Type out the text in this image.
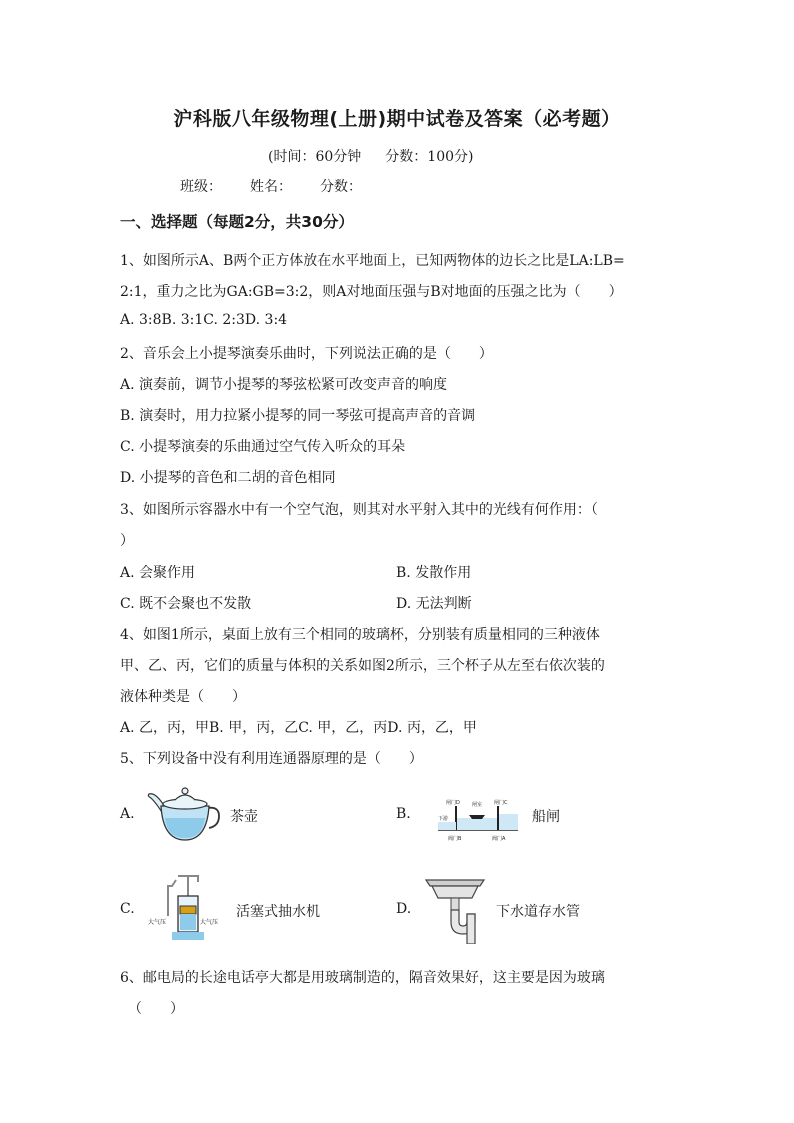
沪科版八年级物理(上册)期中试卷及答案（必考题）
(时间：60分钟 分数：100分)
班级： 姓名： 分数：
一、选择题（每题2分，共30分）
1、如图所示A、B两个正方体放在水平地面上，已知两物体的边长之比是LA:LB=
2:1，重力之比为GA:GB=3:2，则A对地面压强与B对地面的压强之比为（　　）
A. 3:8B. 3:1C. 2:3D. 3:4
2、音乐会上小提琴演奏乐曲时，下列说法正确的是（　　）
A. 演奏前，调节小提琴的琴弦松紧可改变声音的响度
B. 演奏时，用力拉紧小提琴的同一琴弦可提高声音的音调
C. 小提琴演奏的乐曲通过空气传入听众的耳朵
D. 小提琴的音色和二胡的音色相同
3、如图所示容器水中有一个空气泡，则其对水平射入其中的光线有何作用：（
）
A. 会聚作用	B. 发散作用
C. 既不会聚也不发散	D. 无法判断
4、如图1所示，桌面上放有三个相同的玻璃杯，分别装有质量相同的三种液体
甲、乙、丙，它们的质量与体积的关系如图2所示，三个杯子从左至右依次装的
液体种类是（　　）
A. 乙，丙，甲B. 甲，丙，乙C. 甲，乙，丙D. 丙，乙，甲
5、下列设备中没有利用连通器原理的是（　　）
A.	茶壶	B.
闸门D 闸室 闸门C
下游
阀门B	阀门A
船闸
C.
大气压	大气压
活塞式抽水机	D.	下水道存水管
6、邮电局的长途电话亭大都是用玻璃制造的，隔音效果好，这主要是因为玻璃
（　　）
